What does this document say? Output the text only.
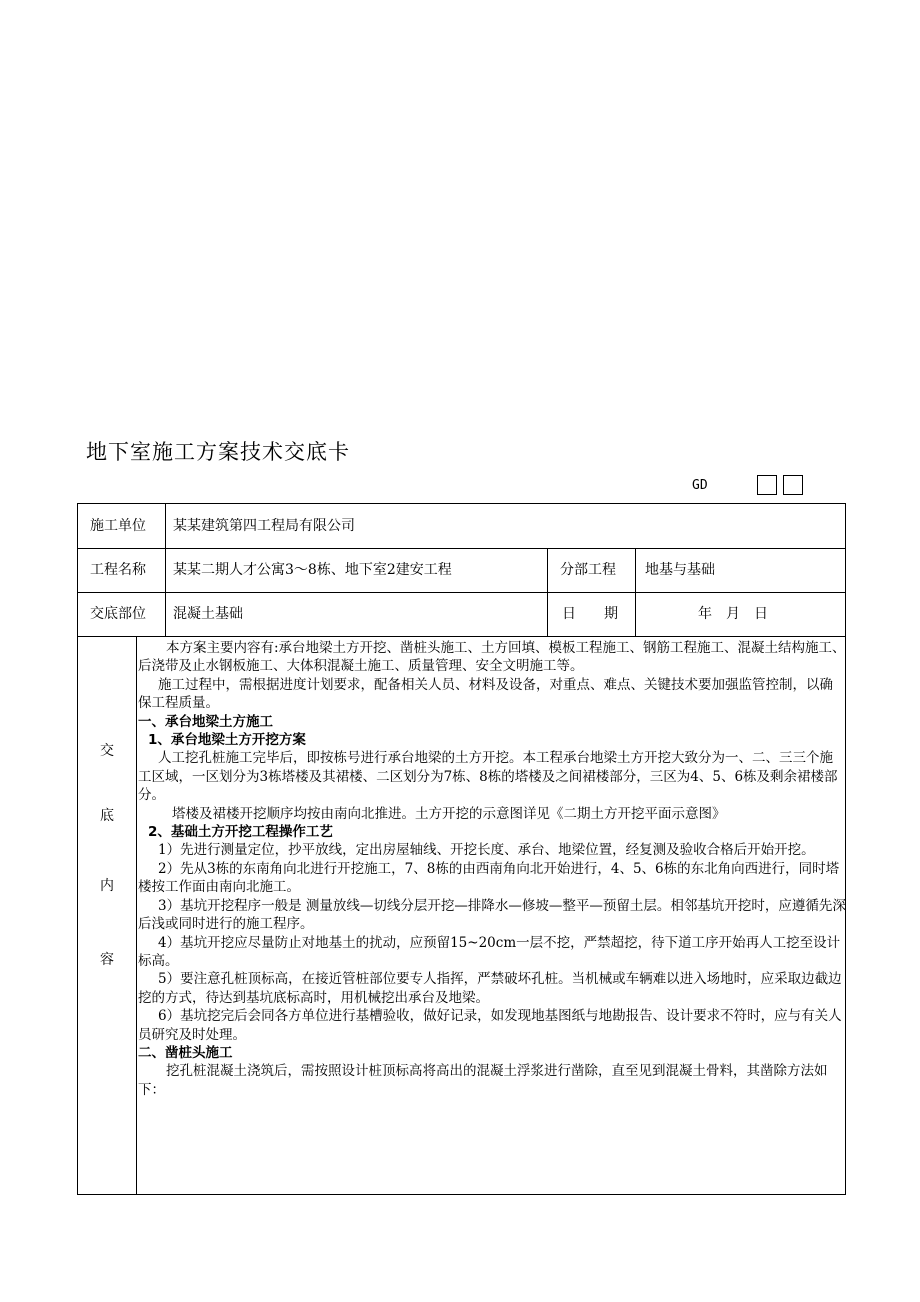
地下室施工方案技术交底卡
GD
施工单位 某某建筑第四工程局有限公司
工程名称 某某二期人才公寓3～8栋、地下室2建安工程	分部工程 地基与基础
交底部位 混凝土基础	日　　期	年　月　日
交
底
内
容

本方案主要内容有:承台地梁土方开挖、凿桩头施工、土方回填、模板工程施工、钢筋工程施工、混凝土结构施工、后浇带及止水钢板施工、大体积混凝土施工、质量管理、安全文明施工等。

施工过程中，需根据进度计划要求，配备相关人员、材料及设备，对重点、难点、关键技术要加强监管控制，以确保工程质量。

一、承台地梁土方施工

1、承台地梁土方开挖方案

人工挖孔桩施工完毕后，即按栋号进行承台地梁的土方开挖。本工程承台地梁土方开挖大致分为一、二、三三个施工区域，一区划分为3栋塔楼及其裙楼、二区划分为7栋、8栋的塔楼及之间裙楼部分，三区为4、5、6栋及剩余裙楼部分。

塔楼及裙楼开挖顺序均按由南向北推进。土方开挖的示意图详见《二期土方开挖平面示意图》

2、基础土方开挖工程操作工艺

1）先进行测量定位，抄平放线，定出房屋轴线、开挖长度、承台、地梁位置，经复测及验收合格后开始开挖。

2）先从3栋的东南角向北进行开挖施工，7、8栋的由西南角向北开始进行，4、5、6栋的东北角向西进行，同时塔楼按工作面由南向北施工。

3）基坑开挖程序一般是 测量放线—切线分层开挖—排降水—修坡—整平—预留土层。相邻基坑开挖时，应遵循先深后浅或同时进行的施工程序。

4）基坑开挖应尽量防止对地基土的扰动，应预留15~20cm一层不挖，严禁超挖，待下道工序开始再人工挖至设计标高。

5）要注意孔桩顶标高，在接近管桩部位要专人指挥，严禁破坏孔桩。当机械或车辆难以进入场地时，应采取边截边挖的方式，待达到基坑底标高时，用机械挖出承台及地梁。

6）基坑挖完后会同各方单位进行基槽验收，做好记录，如发现地基图纸与地勘报告、设计要求不符时，应与有关人员研究及时处理。

二、凿桩头施工

挖孔桩混凝土浇筑后，需按照设计桩顶标高将高出的混凝土浮浆进行凿除，直至见到混凝土骨料，其凿除方法如下：
